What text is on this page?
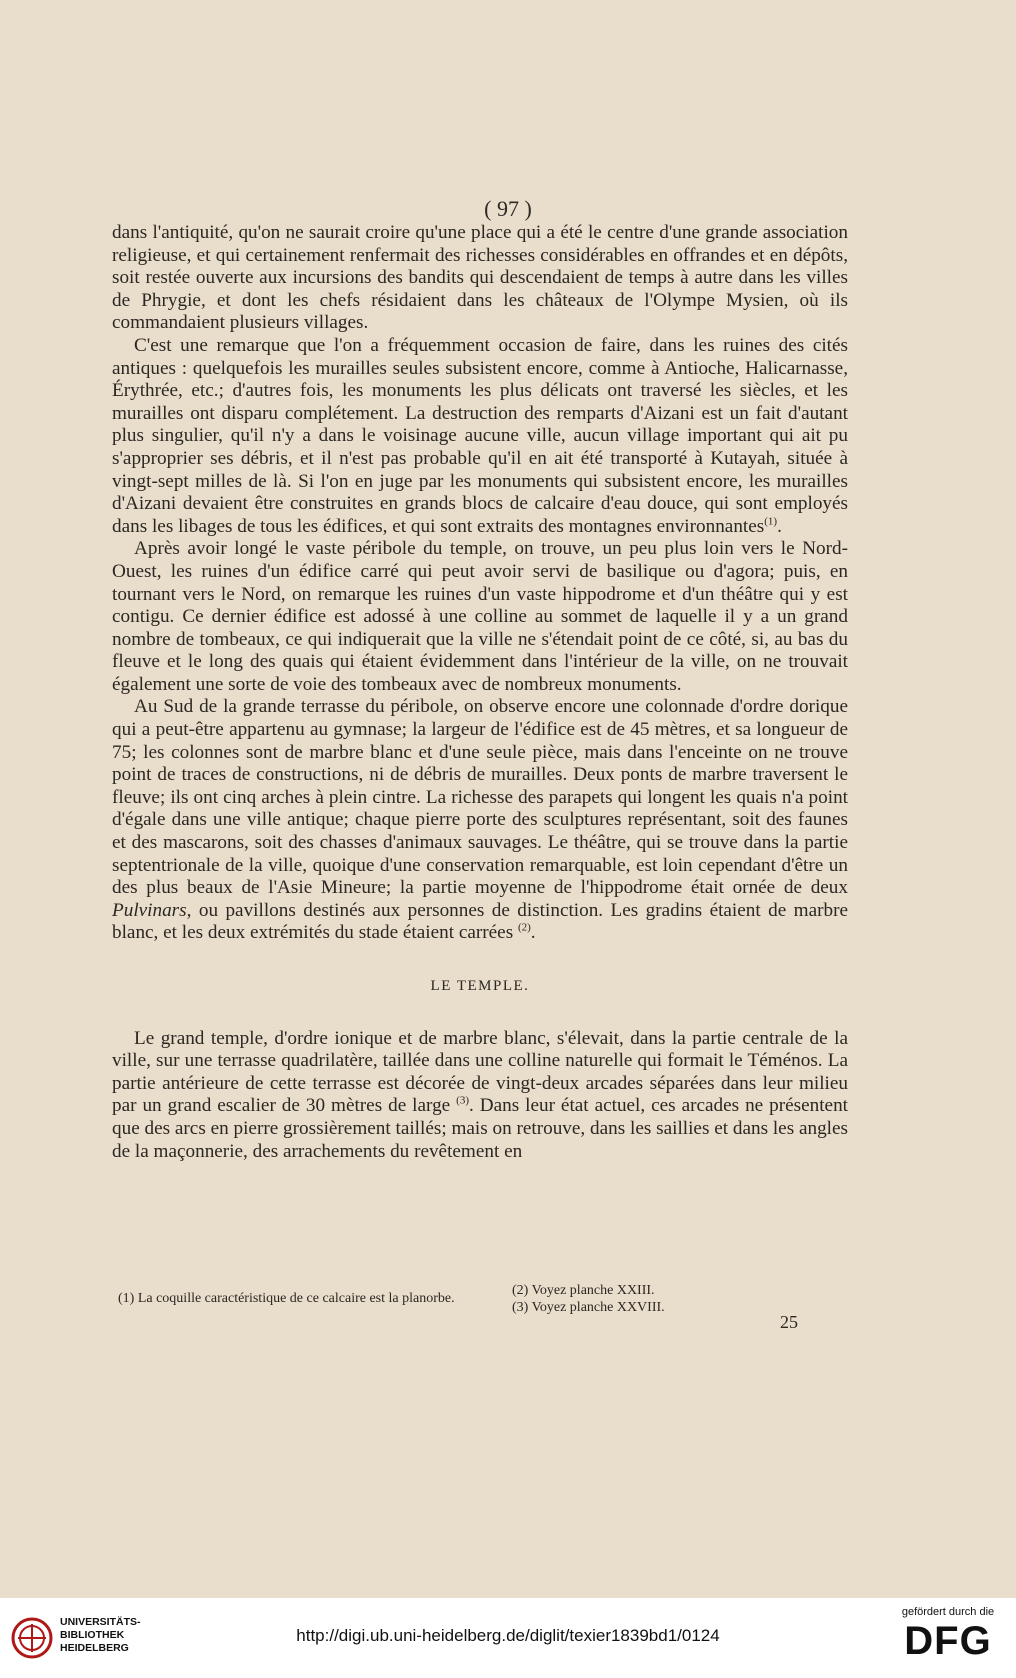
( 97 )

dans l'antiquité, qu'on ne saurait croire qu'une place qui a été le centre d'une grande association religieuse, et qui certainement renfermait des richesses considérables en offrandes et en dépôts, soit restée ouverte aux incursions des bandits qui descendaient de temps à autre dans les villes de Phrygie, et dont les chefs résidaient dans les châteaux de l'Olympe Mysien, où ils commandaient plusieurs villages.

C'est une remarque que l'on a fréquemment occasion de faire, dans les ruines des cités antiques : quelquefois les murailles seules subsistent encore, comme à Antioche, Halicarnasse, Érythrée, etc.; d'autres fois, les monuments les plus délicats ont traversé les siècles, et les murailles ont disparu complétement. La destruction des remparts d'Aizani est un fait d'autant plus singulier, qu'il n'y a dans le voisinage aucune ville, aucun village important qui ait pu s'approprier ses débris, et il n'est pas probable qu'il en ait été transporté à Kutayah, située à vingt-sept milles de là. Si l'on en juge par les monuments qui subsistent encore, les murailles d'Aizani devaient être construites en grands blocs de calcaire d'eau douce, qui sont employés dans les libages de tous les édifices, et qui sont extraits des montagnes environnantes$^{(1)}$.

Après avoir longé le vaste péribole du temple, on trouve, un peu plus loin vers le Nord-Ouest, les ruines d'un édifice carré qui peut avoir servi de basilique ou d'agora; puis, en tournant vers le Nord, on remarque les ruines d'un vaste hippodrome et d'un théâtre qui y est contigu. Ce dernier édifice est adossé à une colline au sommet de laquelle il y a un grand nombre de tombeaux, ce qui indiquerait que la ville ne s'étendait point de ce côté, si, au bas du fleuve et le long des quais qui étaient évidemment dans l'intérieur de la ville, on ne trouvait également une sorte de voie des tombeaux avec de nombreux monuments.

Au Sud de la grande terrasse du péribole, on observe encore une colonnade d'ordre dorique qui a peut-être appartenu au gymnase; la largeur de l'édifice est de 45 mètres, et sa longueur de 75; les colonnes sont de marbre blanc et d'une seule pièce, mais dans l'enceinte on ne trouve point de traces de constructions, ni de débris de murailles. Deux ponts de marbre traversent le fleuve; ils ont cinq arches à plein cintre. La richesse des parapets qui longent les quais n'a point d'égale dans une ville antique; chaque pierre porte des sculptures représentant, soit des faunes et des mascarons, soit des chasses d'animaux sauvages. Le théâtre, qui se trouve dans la partie septentrionale de la ville, quoique d'une conservation remarquable, est loin cependant d'être un des plus beaux de l'Asie Mineure; la partie moyenne de l'hippodrome était ornée de deux Pulvinars, ou pavillons destinés aux personnes de distinction. Les gradins étaient de marbre blanc, et les deux extrémités du stade étaient carrées $^{(2)}$.

LE TEMPLE.

Le grand temple, d'ordre ionique et de marbre blanc, s'élevait, dans la partie centrale de la ville, sur une terrasse quadrilatère, taillée dans une colline naturelle qui formait le Téménos. La partie antérieure de cette terrasse est décorée de vingt-deux arcades séparées dans leur milieu par un grand escalier de 30 mètres de large $^{(3)}$. Dans leur état actuel, ces arcades ne présentent que des arcs en pierre grossièrement taillés; mais on retrouve, dans les saillies et dans les angles de la maçonnerie, des arrachements du revêtement en

(1) La coquille caractéristique de ce calcaire est la planorbe.
(2) Voyez planche XXIII.
(3) Voyez planche XXVIII.
25
UNIVERSITÄTS-
BIBLIOTHEK
HEIDELBERG
http://digi.ub.uni-heidelberg.de/diglit/texier1839bd1/0124
gefördert durch die
DFG
